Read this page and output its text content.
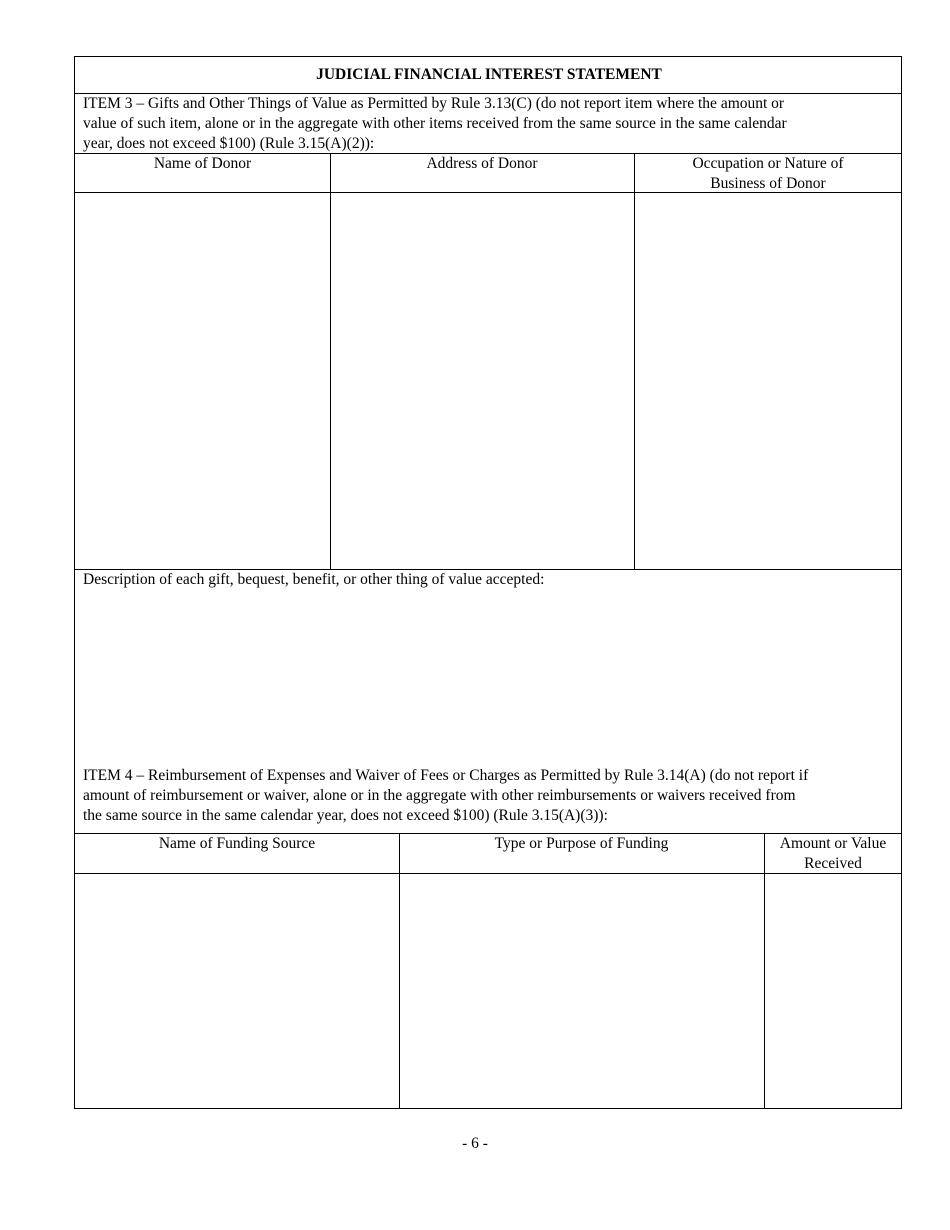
JUDICIAL FINANCIAL INTEREST STATEMENT
ITEM 3 – Gifts and Other Things of Value as Permitted by Rule 3.13(C) (do not report item where the amount or
value of such item, alone or in the aggregate with other items received from the same source in the same calendar
year, does not exceed $100) (Rule 3.15(A)(2)):
Name of Donor	Address of Donor	Occupation or Nature of
Business of Donor
Description of each gift, bequest, benefit, or other thing of value accepted:
ITEM 4 – Reimbursement of Expenses and Waiver of Fees or Charges as Permitted by Rule 3.14(A) (do not report if
amount of reimbursement or waiver, alone or in the aggregate with other reimbursements or waivers received from
the same source in the same calendar year, does not exceed $100) (Rule 3.15(A)(3)):
Name of Funding Source	Type or Purpose of Funding	Amount or Value
Received
- 6 -
